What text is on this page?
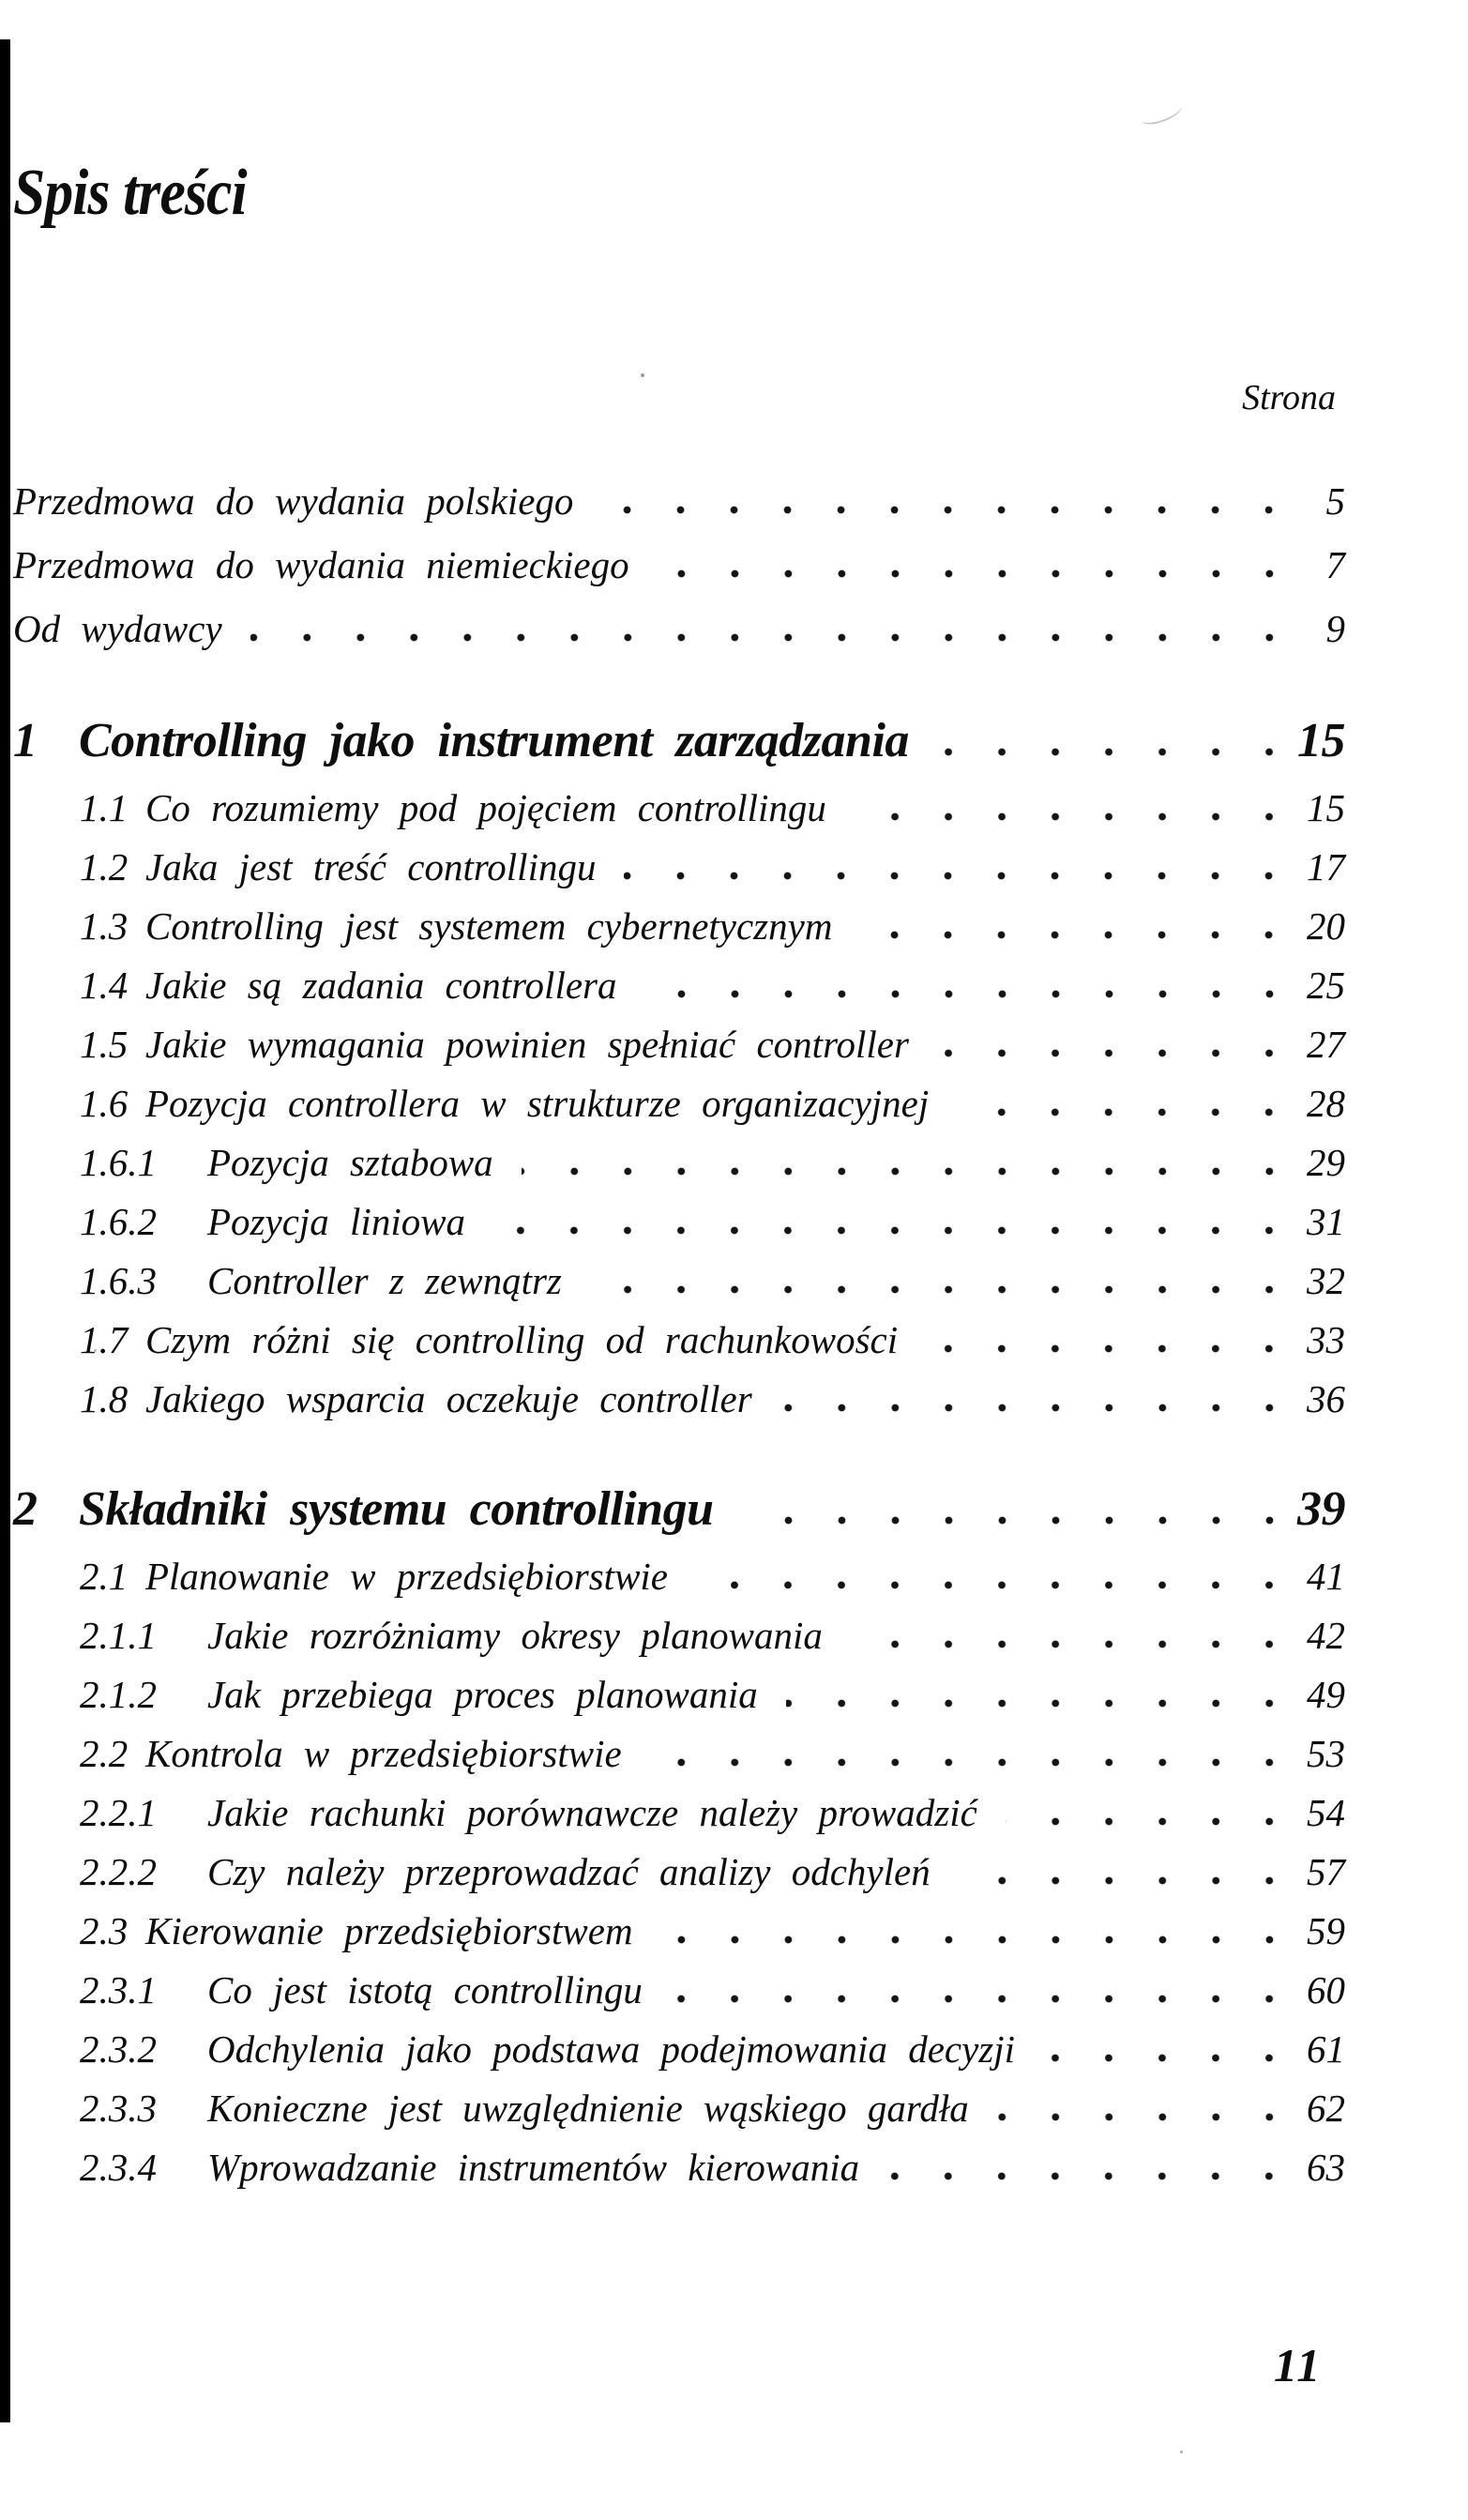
Spis treści
Strona
Przedmowa do wydania polskiego	5
Przedmowa do wydania niemieckiego	7
Od wydawcy	9
1 Controlling jako instrument zarządzania	15
1.1 Co rozumiemy pod pojęciem controllingu	15
1.2 Jaka jest treść controllingu	17
1.3 Controlling jest systemem cybernetycznym	20
1.4 Jakie są zadania controllera	25
1.5 Jakie wymagania powinien spełniać controller	27
1.6 Pozycja controllera w strukturze organizacyjnej	28
1.6.1	Pozycja sztabowa	29
1.6.2	Pozycja liniowa	31
1.6.3	Controller z zewnątrz	32
1.7 Czym różni się controlling od rachunkowości	33
1.8 Jakiego wsparcia oczekuje controller	36
2 Składniki systemu controllingu	39
2.1 Planowanie w przedsiębiorstwie	41
2.1.1	Jakie rozróżniamy okresy planowania	42
2.1.2	Jak przebiega proces planowania	49
2.2 Kontrola w przedsiębiorstwie	53
2.2.1	Jakie rachunki porównawcze należy prowadzić	54
2.2.2	Czy należy przeprowadzać analizy odchyleń	57
2.3 Kierowanie przedsiębiorstwem	59
2.3.1	Co jest istotą controllingu	60
2.3.2	Odchylenia jako podstawa podejmowania decyzji	61
2.3.3	Konieczne jest uwzględnienie wąskiego gardła	62
2.3.4	Wprowadzanie instrumentów kierowania	63
11
